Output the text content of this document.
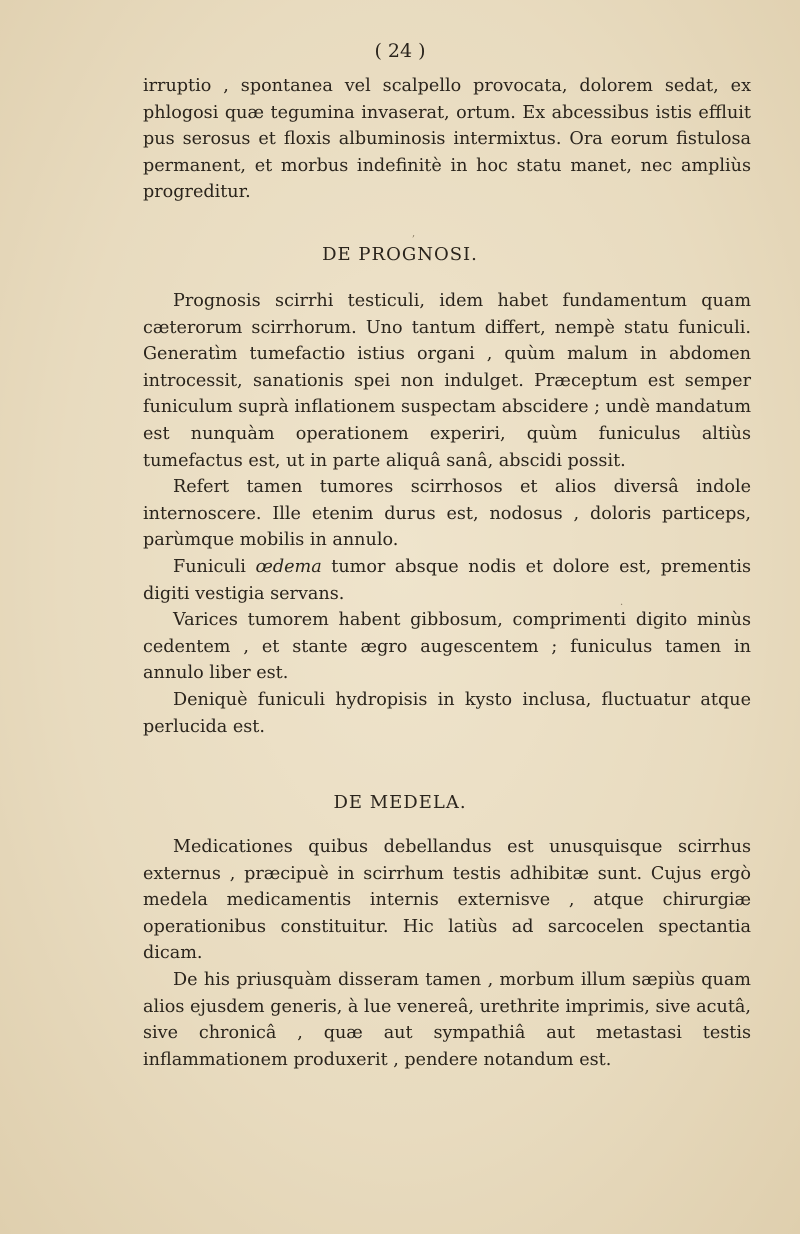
( 24 )

irruptio , spontanea vel scalpello provocata, dolorem sedat, ex phlogosi quæ tegumina invaserat, ortum. Ex abcessibus istis effluit pus serosus et floxis albuminosis intermixtus. Ora eorum fistulosa permanent, et morbus indefinitè in hoc statu manet, nec ampliùs progreditur.

DE PROGNOSI.

Prognosis scirrhi testiculi, idem habet fundamentum quam cæterorum scirrhorum. Uno tantum differt, nempè statu funiculi. Generatìm tumefactio istius organi , quùm malum in abdomen introcessit, sanationis spei non indulget. Præceptum est semper funiculum suprà inflationem suspectam abscidere ; undè mandatum est nunquàm operationem experiri, quùm funiculus altiùs tumefactus est, ut in parte aliquâ sanâ, abscidi possit.

Refert tamen tumores scirrhosos et alios diversâ indole internoscere. Ille etenim durus est, nodosus , doloris particeps, parùmque mobilis in annulo.

Funiculi œdema tumor absque nodis et dolore est, prementis digiti vestigia servans.

Varices tumorem habent gibbosum, comprimenti digito minùs cedentem , et stante ægro augescentem ; funiculus tamen in annulo liber est.

Deniquè funiculi hydropisis in kysto inclusa, fluctuatur atque perlucida est.

DE MEDELA.

Medicationes quibus debellandus est unusquisque scirrhus externus , præcipuè in scirrhum testis adhibitæ sunt. Cujus ergò medela medicamentis internis externisve , atque chirurgiæ operationibus constituitur. Hic latiùs ad sarcocelen spectantia dicam.

De his priusquàm disseram tamen , morbum illum sæpiùs quam alios ejusdem generis, à lue venereâ, urethrite imprimis, sive acutâ, sive chronicâ , quæ aut sympathiâ aut metastasi testis inflammationem produxerit , pendere notandum est.

,
·
